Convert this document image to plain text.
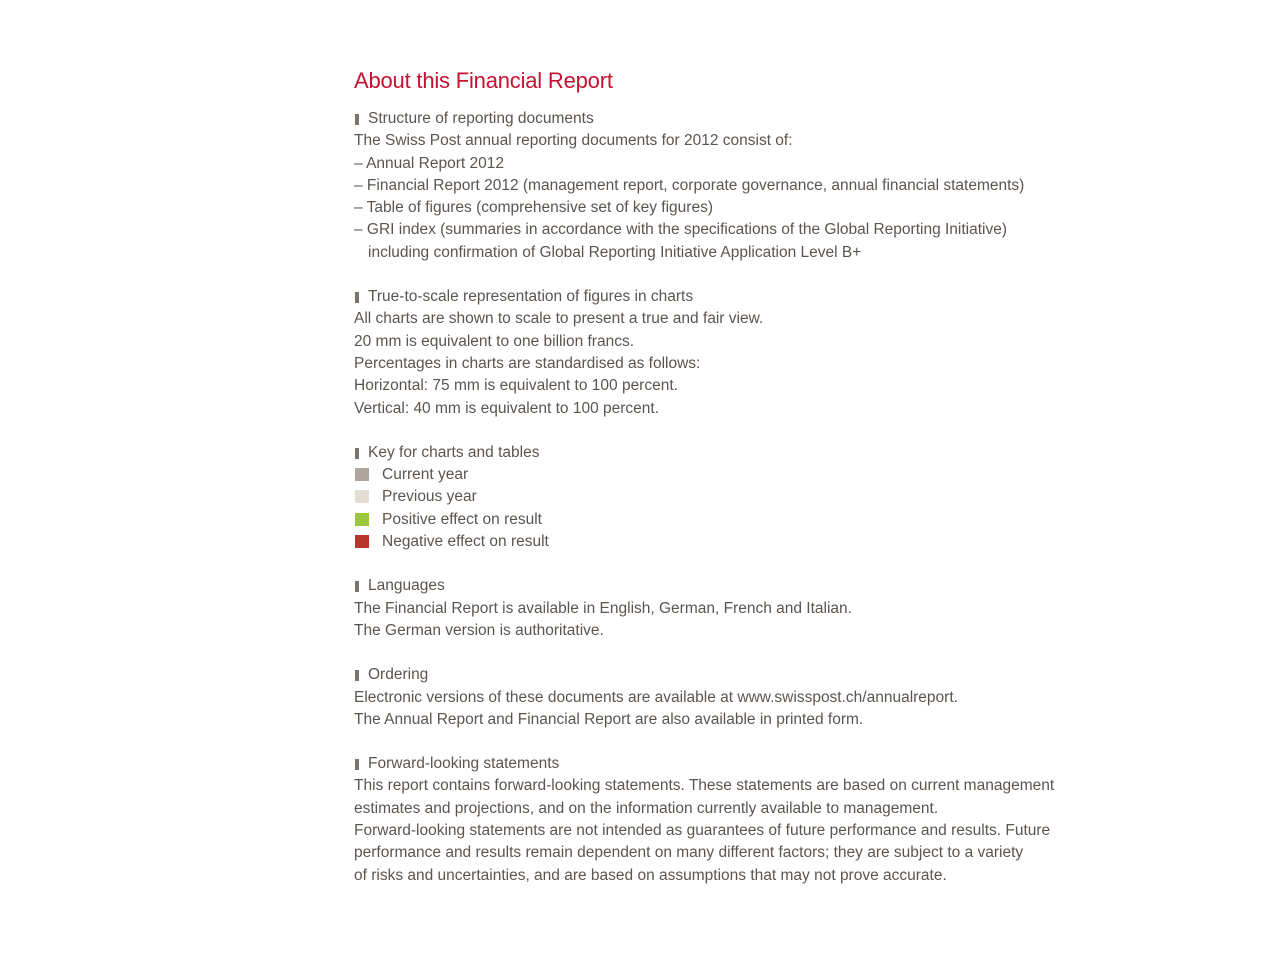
About this Financial Report
Structure of reporting documents
The Swiss Post annual reporting documents for 2012 consist of:
– Annual Report 2012
– Financial Report 2012 (management report, corporate governance, annual financial statements)
– Table of figures (comprehensive set of key figures)
– GRI index (summaries in accordance with the specifications of the Global Reporting Initiative)
including confirmation of Global Reporting Initiative Application Level B+
True-to-scale representation of figures in charts
All charts are shown to scale to present a true and fair view.
20 mm is equivalent to one billion francs.
Percentages in charts are standardised as follows:
Horizontal: 75 mm is equivalent to 100 percent.
Vertical: 40 mm is equivalent to 100 percent.
Key for charts and tables
Current year
Previous year
Positive effect on result
Negative effect on result
Languages
The Financial Report is available in English, German, French and Italian.
The German version is authoritative.
Ordering
Electronic versions of these documents are available at www.swisspost.ch/annualreport.
The Annual Report and Financial Report are also available in printed form.
Forward-looking statements
This report contains forward-looking statements. These statements are based on current management
estimates and projections, and on the information currently available to management.
Forward-looking statements are not intended as guarantees of future performance and results. Future
performance and results remain dependent on many different factors; they are subject to a variety
of risks and uncertainties, and are based on assumptions that may not prove accurate.
